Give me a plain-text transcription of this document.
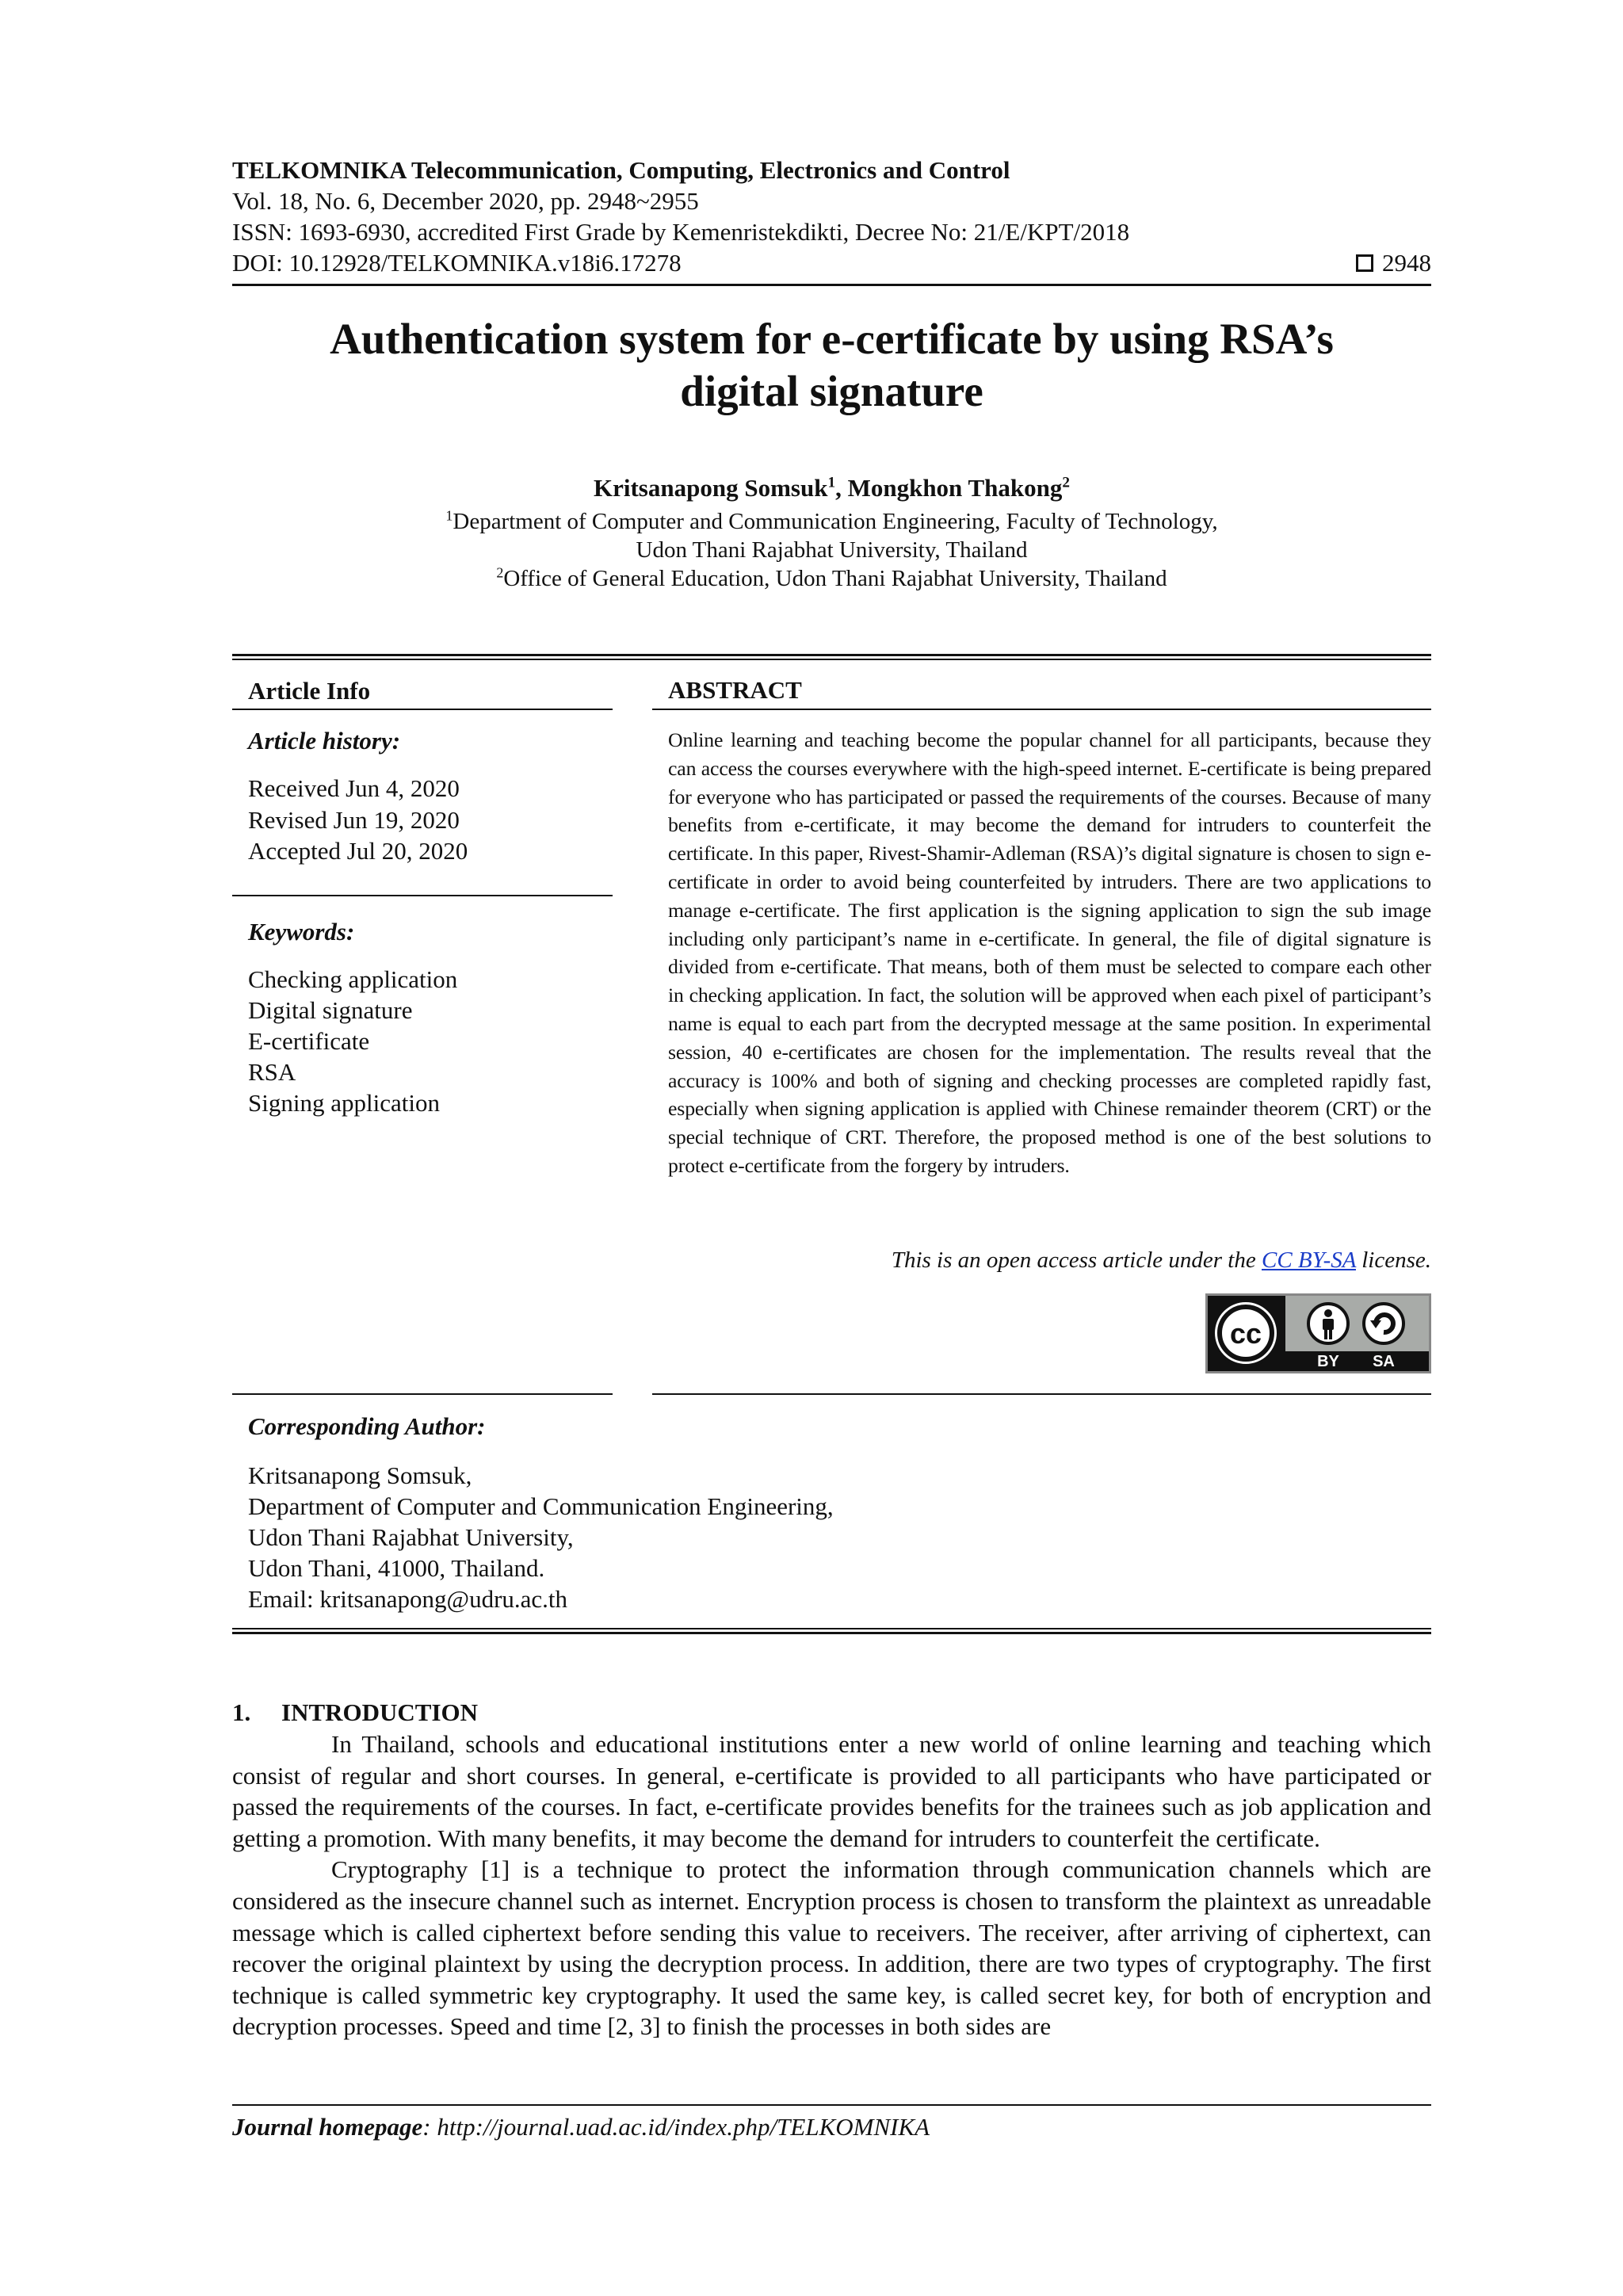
TELKOMNIKA Telecommunication, Computing, Electronics and Control
Vol. 18, No. 6, December 2020, pp. 2948~2955
ISSN: 1693-6930, accredited First Grade by Kemenristekdikti, Decree No: 21/E/KPT/2018
DOI: 10.12928/TELKOMNIKA.v18i6.17278	2948
Authentication system for e-certificate by using RSA’s
digital signature
Kritsanapong Somsuk$^1$, Mongkhon Thakong$^2$
$^1$Department of Computer and Communication Engineering, Faculty of Technology,
Udon Thani Rajabhat University, Thailand
$^2$Office of General Education, Udon Thani Rajabhat University, Thailand
Article Info
Article history:
Received Jun 4, 2020
Revised Jun 19, 2020
Accepted Jul 20, 2020
Keywords:
Checking application
Digital signature
E-certificate
RSA
Signing application
ABSTRACT
Online learning and teaching become the popular channel for all participants, because they can access the courses everywhere with the high-speed internet. E-certificate is being prepared for everyone who has participated or passed the requirements of the courses. Because of many benefits from e-certificate, it may become the demand for intruders to counterfeit the certificate. In this paper, Rivest-Shamir-Adleman (RSA)’s digital signature is chosen to sign e-certificate in order to avoid being counterfeited by intruders. There are two applications to manage e-certificate. The first application is the signing application to sign the sub image including only participant’s name in e-certificate. In general, the file of digital signature is divided from e-certificate. That means, both of them must be selected to compare each other in checking application. In fact, the solution will be approved when each pixel of participant’s name is equal to each part from the decrypted message at the same position. In experimental session, 40 e-certificates are chosen for the implementation. The results reveal that the accuracy is 100% and both of signing and checking processes are completed rapidly fast, especially when signing application is applied with Chinese remainder theorem (CRT) or the special technique of CRT. Therefore, the proposed method is one of the best solutions to protect e-certificate from the forgery by intruders.
This is an open access article under the CC BY-SA license.
cc
BY SA
Corresponding Author:
Kritsanapong Somsuk,
Department of Computer and Communication Engineering,
Udon Thani Rajabhat University,
Udon Thani, 41000, Thailand.
Email: kritsanapong@udru.ac.th
1.     INTRODUCTION

In Thailand, schools and educational institutions enter a new world of online learning and teaching which consist of regular and short courses. In general, e-certificate is provided to all participants who have participated or passed the requirements of the courses. In fact, e-certificate provides benefits for the trainees such as job application and getting a promotion. With many benefits, it may become the demand for intruders to counterfeit the certificate.

Cryptography [1] is a technique to protect the information through communication channels which are considered as the insecure channel such as internet. Encryption process is chosen to transform the plaintext as unreadable message which is called ciphertext before sending this value to receivers. The receiver, after arriving of ciphertext, can recover the original plaintext by using the decryption process. In addition, there are two types of cryptography. The first technique is called symmetric key cryptography. It used the same key, is called secret key, for both of encryption and decryption processes. Speed and time [2, 3] to finish the processes in both sides are

Journal homepage: http://journal.uad.ac.id/index.php/TELKOMNIKA
